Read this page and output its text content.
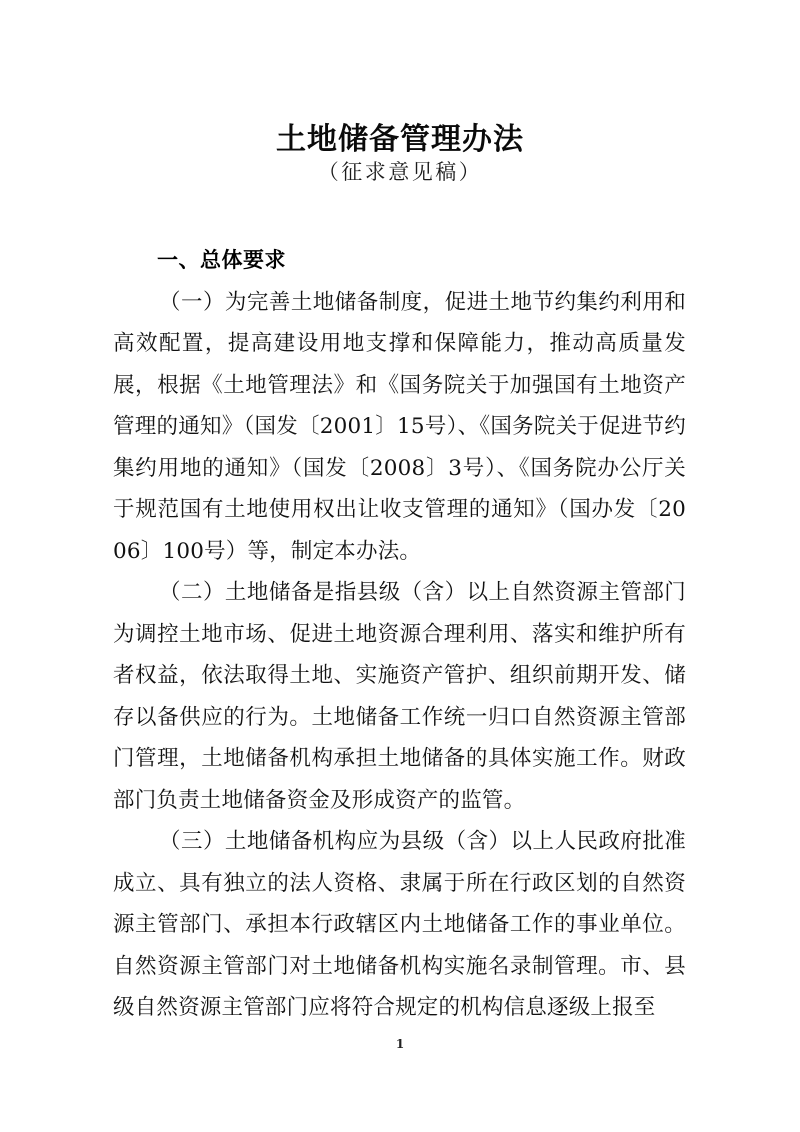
土地储备管理办法
（征求意见稿）
一、总体要求

（一）为完善土地储备制度，促进土地节约集约利用和高效配置，提高建设用地支撑和保障能力，推动高质量发展，根据《土地管理法》和《国务院关于加强国有土地资产管理的通知》（国发〔2001〕15号）、《国务院关于促进节约集约用地的通知》（国发〔2008〕3号）、《国务院办公厅关于规范国有土地使用权出让收支管理的通知》（国办发〔2006〕100号）等，制定本办法。

（二）土地储备是指县级（含）以上自然资源主管部门为调控土地市场、促进土地资源合理利用、落实和维护所有者权益，依法取得土地、实施资产管护、组织前期开发、储存以备供应的行为。土地储备工作统一归口自然资源主管部门管理，土地储备机构承担土地储备的具体实施工作。财政部门负责土地储备资金及形成资产的监管。

（三）土地储备机构应为县级（含）以上人民政府批准成立、具有独立的法人资格、隶属于所在行政区划的自然资源主管部门、承担本行政辖区内土地储备工作的事业单位。自然资源主管部门对土地储备机构实施名录制管理。市、县级自然资源主管部门应将符合规定的机构信息逐级上报至

1
